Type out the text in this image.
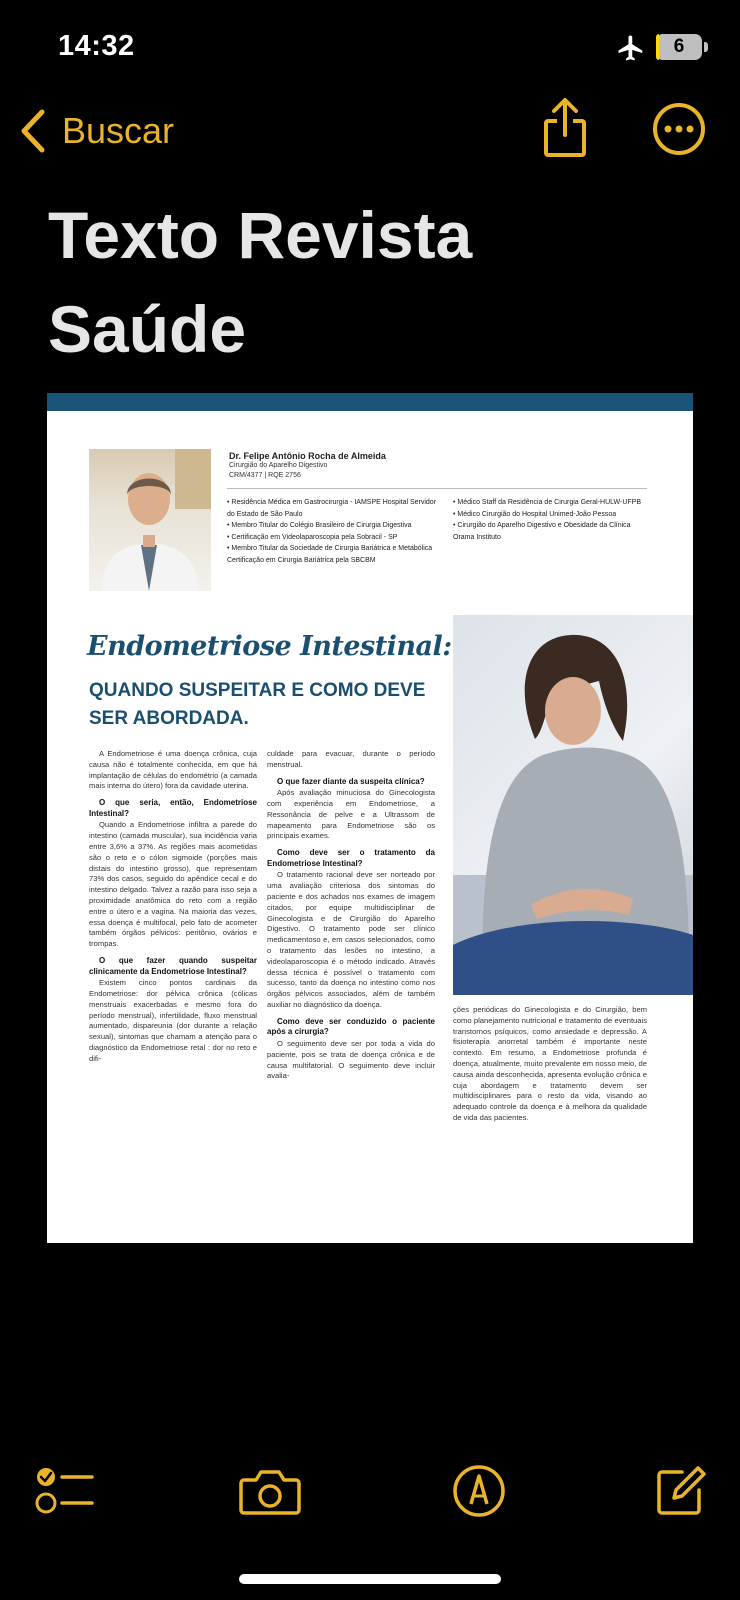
14:32	6
Buscar
Texto Revista Saúde
Dr. Felipe Antônio Rocha de Almeida
Cirurgião do Aparelho Digestivo
CRM/4377 | RQE 2756
• Residência Médica em Gastrocirurgia - IAMSPE Hospital Servidor do Estado de São Paulo
• Membro Titular do Colégio Brasileiro de Cirurgia Digestiva
• Certificação em Videolaparoscopia pela Sobracil - SP
• Membro Titular da Sociedade de Cirurgia Bariátrica e Metabólica Certificação em Cirurgia Bariátrica pela SBCBM
• Médico Staff da Residência de Cirurgia Geral-HULW-UFPB
• Médico Cirurgião do Hospital Unimed-João Pessoa
• Cirurgião do Aparelho Digestivo e Obesidade da Clínica Orama Instituto
Endometriose Intestinal:
QUANDO SUSPEITAR E COMO DEVE SER ABORDADA.

A Endometriose é uma doença crônica, cuja causa não é totalmente conhecida, em que há implantação de células do endométrio (a camada mais interna do útero) fora da cavidade uterina.

O que seria, então, Endometriose Intestinal?

Quando a Endometriose infiltra a parede do intestino (camada muscular), sua incidência varia entre 3,6% a 37%. As regiões mais acometidas são o reto e o cólon sigmoide (porções mais distais do intestino grosso), que representam 73% dos casos, seguido do apêndice cecal e do intestino delgado. Talvez a razão para isso seja a proximidade anatômica do reto com a região entre o útero e a vagina. Na maioria das vezes, essa doença é multifocal, pelo fato de acometer também órgãos pélvicos: peritônio, ovários e trompas.

O que fazer quando suspeitar clinicamente da Endometriose Intestinal?

Existem cinco pontos cardinais da Endometriose: dor pélvica crônica (cólicas menstruais exacerbadas e mesmo fora do período menstrual), infertilidade, fluxo menstrual aumentado, dispareunia (dor durante a relação sexual), sintomas que chamam a atenção para o diagnóstico da Endometriose retal : dor no reto e difi-

culdade para evacuar, durante o período menstrual.

O que fazer diante da suspeita clínica?

Após avaliação minuciosa do Ginecologista com experiência em Endometriose, a Ressonância de pelve e a Ultrassom de mapeamento para Endometriose são os principais exames.

Como deve ser o tratamento da Endometriose Intestinal?

O tratamento racional deve ser norteado por uma avaliação criteriosa dos sintomas do paciente e dos achados nos exames de imagem citados, por equipe multidisciplinar de Ginecologista e de Cirurgião do Aparelho Digestivo. O tratamento pode ser clínico medicamentoso e, em casos selecionados, como o tratamento das lesões no intestino, a videolaparoscopia é o método indicado. Através dessa técnica é possível o tratamento com sucesso, tanto da doença no intestino como nos órgãos pélvicos associados, além de também auxiliar no diagnóstico da doença.

Como deve ser conduzido o paciente após a cirurgia?

O seguimento deve ser por toda a vida do paciente, pois se trata de doença crônica e de causa multifatorial. O seguimento deve incluir avalia-

ções periódicas do Ginecologista e do Cirurgião, bem como planejamento nutricional e tratamento de eventuais transtornos psíquicos, como ansiedade e depressão. A fisioterapia anorretal também é importante neste contexto. Em resumo, a Endometriose profunda é doença, atualmente, muito prevalente em nosso meio, de causa ainda desconhecida, apresenta evolução crônica e cuja abordagem e tratamento devem ser multidisciplinares para o resto da vida, visando ao adequado controle da doença e à melhora da qualidade de vida das pacientes.
